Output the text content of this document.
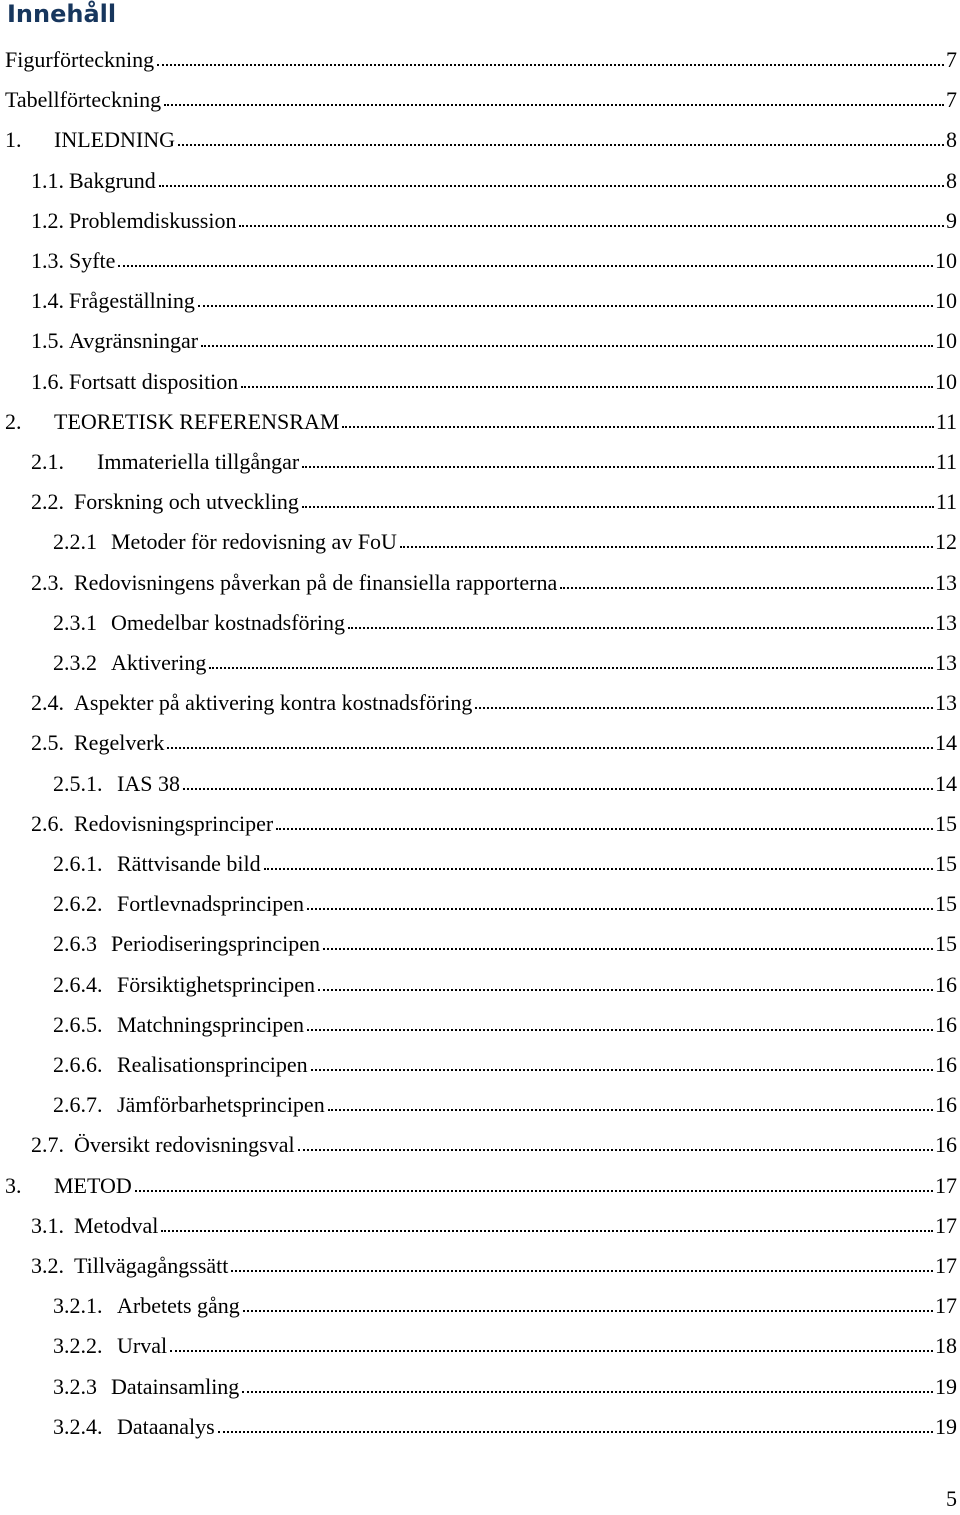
Innehåll
Figurförteckning	7
Tabellförteckning	7
1.	INLEDNING	8
1.1. Bakgrund	8
1.2. Problemdiskussion	9
1.3. Syfte	10
1.4. Frågeställning	10
1.5. Avgränsningar	10
1.6. Fortsatt disposition	10
2.	TEORETISK REFERENSRAM	11
2.1.	Immateriella tillgångar	11
2.2. Forskning och utveckling	11
2.2.1 Metoder för redovisning av FoU	12
2.3. Redovisningens påverkan på de finansiella rapporterna	13
2.3.1 Omedelbar kostnadsföring	13
2.3.2 Aktivering	13
2.4. Aspekter på aktivering kontra kostnadsföring	13
2.5. Regelverk	14
2.5.1. IAS 38	14
2.6. Redovisningsprinciper	15
2.6.1. Rättvisande bild	15
2.6.2. Fortlevnadsprincipen	15
2.6.3 Periodiseringsprincipen	15
2.6.4. Försiktighetsprincipen	16
2.6.5. Matchningsprincipen	16
2.6.6. Realisationsprincipen	16
2.6.7. Jämförbarhetsprincipen	16
2.7. Översikt redovisningsval	16
3.	METOD	17
3.1. Metodval	17
3.2. Tillvägagångssätt	17
3.2.1. Arbetets gång	17
3.2.2. Urval	18
3.2.3 Datainsamling	19
3.2.4. Dataanalys	19
5
